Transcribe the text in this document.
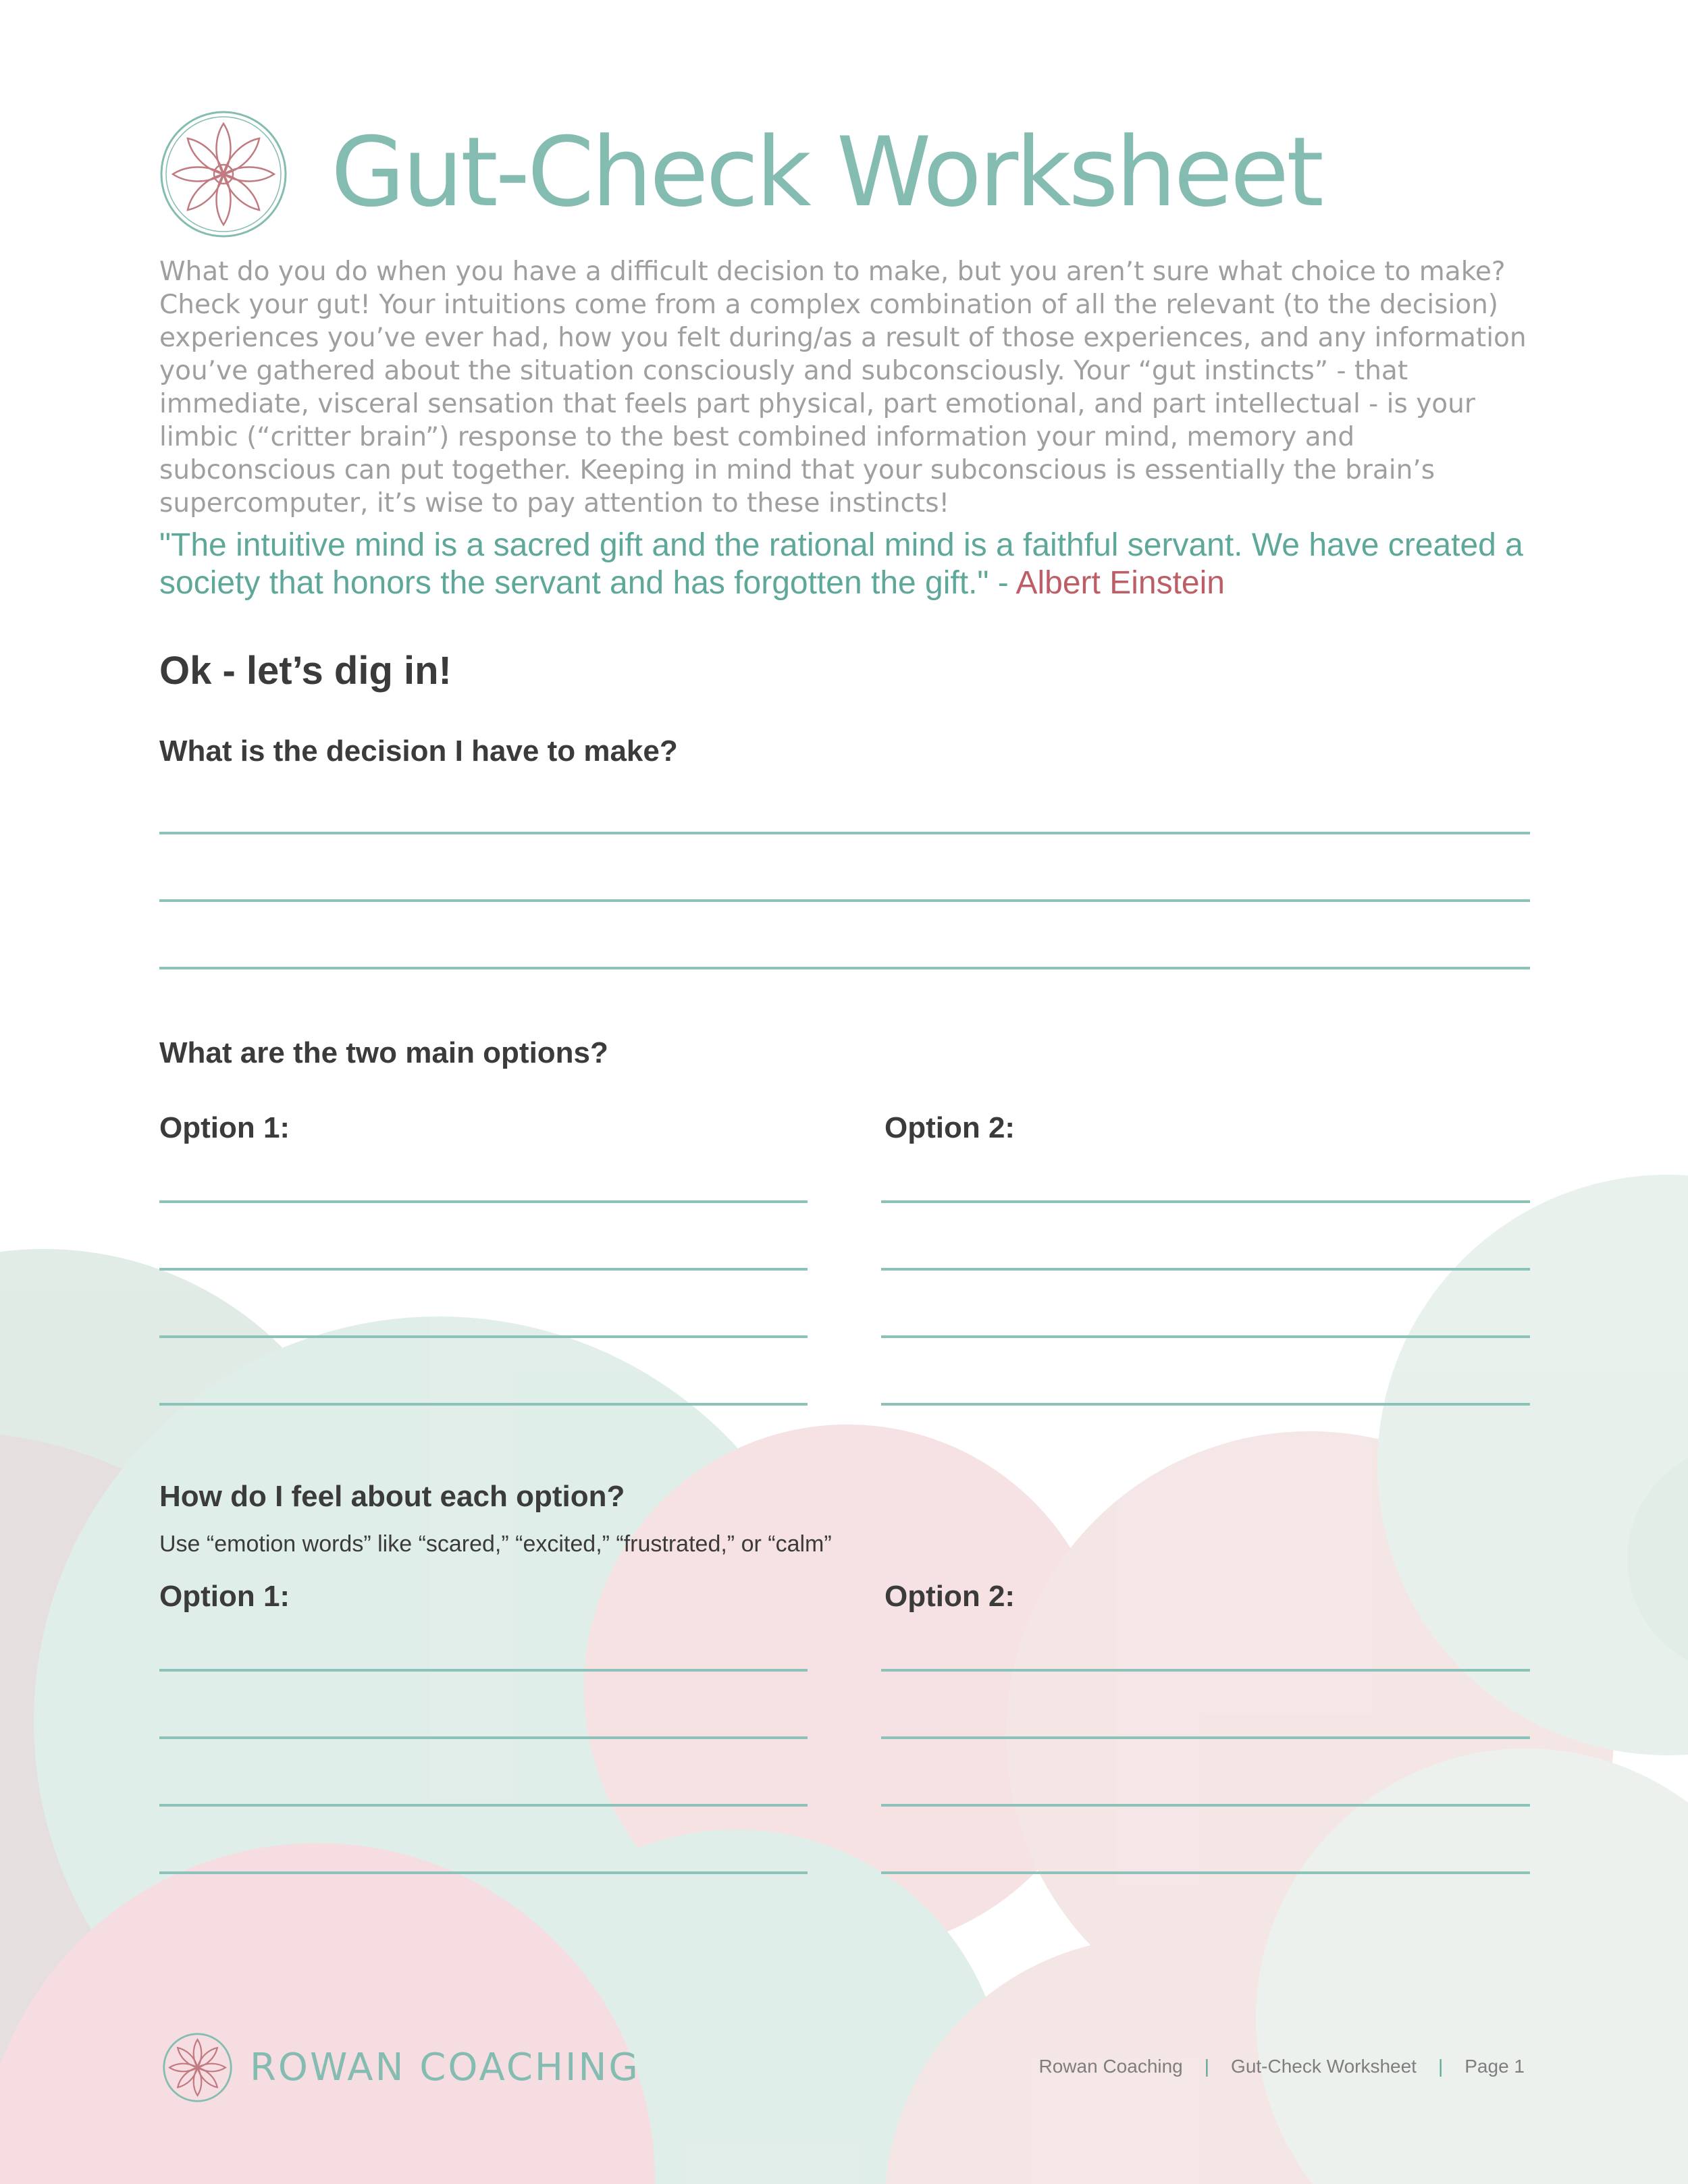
Gut-Check Worksheet

What do you do when you have a difficult decision to make, but you aren’t sure what choice to make? Check your gut! Your intuitions come from a complex combination of all the relevant (to the decision) experiences you’ve ever had, how you felt during/as a result of those experiences, and any information you’ve gathered about the situation consciously and subconsciously. Your “gut instincts” - that immediate, visceral sensation that feels part physical, part emotional, and part intellectual - is your limbic (“critter brain”) response to the best combined information your mind, memory and subconscious can put together. Keeping in mind that your subconscious is essentially the brain’s supercomputer, it’s wise to pay attention to these instincts!

"The intuitive mind is a sacred gift and the rational mind is a faithful servant. We have created a society that honors the servant and has forgotten the gift." - Albert Einstein

Ok - let’s dig in!
What is the decision I have to make?
What are the two main options?
Option 1:	Option 2:
How do I feel about each option?

Use “emotion words” like “scared,” “excited,” “frustrated,” or “calm”

Option 1:	Option 2:

ROWAN COACHING	Rowan Coaching | Gut-Check Worksheet | Page 1
